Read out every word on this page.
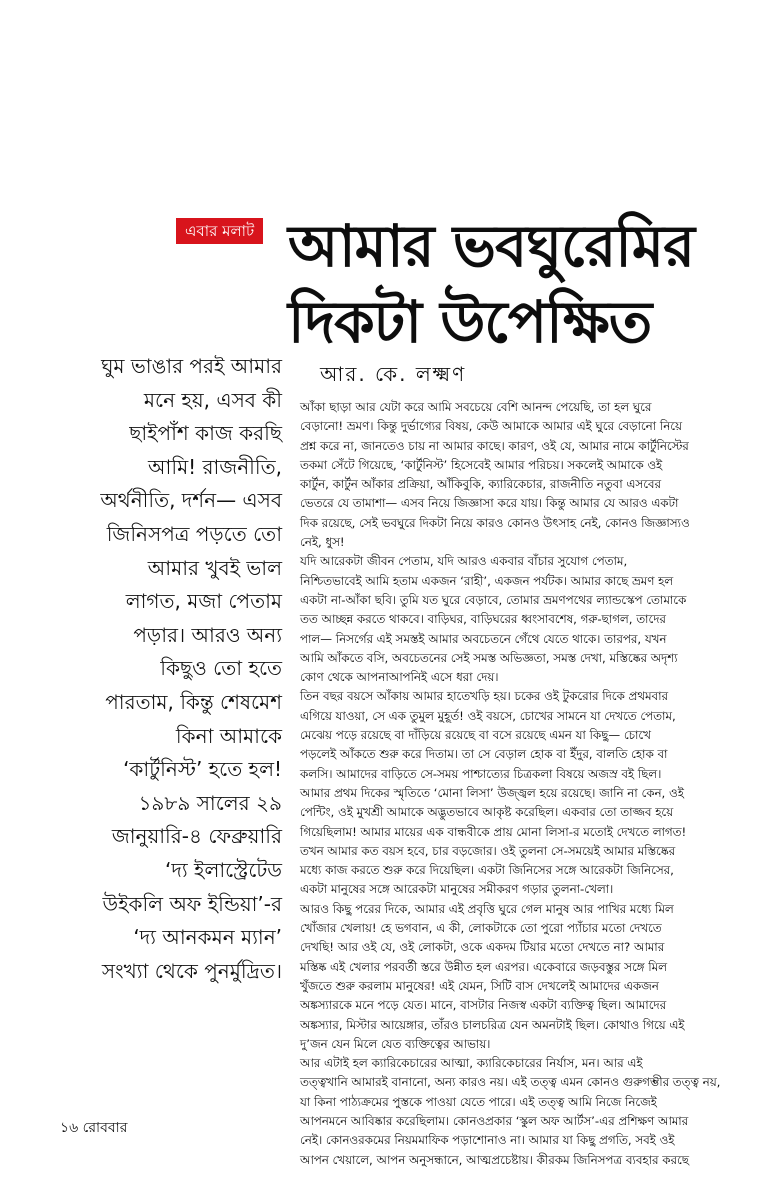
এবার মলাট আমার ভবঘুরেমির
দিকটা উপেক্ষিত
আর. কে. লক্ষ্মণ
ঘুম ভাঙার পরই আমার
মনে হয়, এসব কী
ছাইপাঁশ কাজ করছি
আমি! রাজনীতি,
অর্থনীতি, দর্শন— এসব
জিনিসপত্র পড়তে তো
আমার খুবই ভাল
লাগত, মজা পেতাম
পড়ার। আরও অন্য
কিছুও তো হতে
পারতাম, কিন্তু শেষমেশ
কিনা আমাকে
‘কার্টুনিস্ট’ হতে হল!
১৯৮৯ সালের ২৯
জানুয়ারি-৪ ফেব্রুয়ারি
‘দ্য ইলাস্ট্রেটেড
উইকলি অফ ইন্ডিয়া’-র
‘দ্য আনকমন ম্যান’
সংখ্যা থেকে পুনর্মুদ্রিত।
আঁকা ছাড়া আর যেটা করে আমি সবচেয়ে বেশি আনন্দ পেয়েছি, তা হল ঘুরে
বেড়ানো! ভ্রমণ। কিন্তু দুর্ভাগ্যের বিষয়, কেউ আমাকে আমার এই ঘুরে বেড়ানো নিয়ে
প্রশ্ন করে না, জানতেও চায় না আমার কাছে। কারণ, ওই যে, আমার নামে কার্টুনিস্টের
তকমা সেঁটে গিয়েছে, ‘কার্টুনিস্ট’ হিসেবেই আমার পরিচয়। সকলেই আমাকে ওই
কার্টুন, কার্টুন আঁকার প্রক্রিয়া, আঁকিবুকি, ক্যারিকেচার, রাজনীতি নতুবা এসবের
ভেতরে যে তামাশা— এসব নিয়ে জিজ্ঞাসা করে যায়। কিন্তু আমার যে আরও একটা
দিক রয়েছে, সেই ভবঘুরে দিকটা নিয়ে কারও কোনও উৎসাহ নেই, কোনও জিজ্ঞাস্যও
নেই, ধুস!
যদি আরেকটা জীবন পেতাম, যদি আরও একবার বাঁচার সুযোগ পেতাম,
নিশ্চিতভাবেই আমি হতাম একজন ‘রাহী’, একজন পর্যটক। আমার কাছে ভ্রমণ হল
একটা না-আঁকা ছবি। তুমি যত ঘুরে বেড়াবে, তোমার ভ্রমণপথের ল্যান্ডস্কেপ তোমাকে
তত আচ্ছন্ন করতে থাকবে। বাড়িঘর, বাড়িঘরের ধ্বংসাবশেষ, গরু-ছাগল, তাদের
পাল— নিসর্গের এই সমস্তই আমার অবচেতনে গেঁথে যেতে থাকে। তারপর, যখন
আমি আঁকতে বসি, অবচেতনের সেই সমস্ত অভিজ্ঞতা, সমস্ত দেখা, মস্তিষ্কের অদৃশ্য
কোণ থেকে আপনাআপনিই এসে ধরা দেয়।
তিন বছর বয়সে আঁকায় আমার হাতেখড়ি হয়। চকের ওই টুকরোর দিকে প্রথমবার
এগিয়ে যাওয়া, সে এক তুমুল মুহূর্ত! ওই বয়সে, চোখের সামনে যা দেখতে পেতাম,
মেঝেয় পড়ে রয়েছে বা দাঁড়িয়ে রয়েছে বা বসে রয়েছে এমন যা কিছু— চোখে
পড়লেই আঁকতে শুরু করে দিতাম। তা সে বেড়াল হোক বা ইঁদুর, বালতি হোক বা
কলসি। আমাদের বাড়িতে সে-সময় পাশ্চাত্যের চিত্রকলা বিষয়ে অজস্র বই ছিল।
আমার প্রথম দিকের স্মৃতিতে ‘মোনা লিসা’ উজ্জ্বল হয়ে রয়েছে। জানি না কেন, ওই
পেন্টিং, ওই মুখশ্রী আমাকে অদ্ভুতভাবে আকৃষ্ট করেছিল। একবার তো তাজ্জব হয়ে
গিয়েছিলাম! আমার মায়ের এক বান্ধবীকে প্রায় মোনা লিসা-র মতোই দেখতে লাগত!
তখন আমার কত বয়স হবে, চার বড়জোর। ওই তুলনা সে-সময়েই আমার মস্তিষ্কের
মধ্যে কাজ করতে শুরু করে দিয়েছিল। একটা জিনিসের সঙ্গে আরেকটা জিনিসের,
একটা মানুষের সঙ্গে আরেকটা মানুষের সমীকরণ গড়ার তুলনা-খেলা।
আরও কিছু পরের দিকে, আমার এই প্রবৃত্তি ঘুরে গেল মানুষ আর পাখির মধ্যে মিল
খোঁজার খেলায়! হে ভগবান, এ কী, লোকটাকে তো পুরো প্যাঁচার মতো দেখতে
দেখছি! আর ওই যে, ওই লোকটা, ওকে একদম টিয়ার মতো দেখতে না? আমার
মস্তিষ্ক এই খেলার পরবর্তী স্তরে উন্নীত হল এরপর। একেবারে জড়বস্তুর সঙ্গে মিল
খুঁজতে শুরু করলাম মানুষের! এই যেমন, সিটি বাস দেখলেই আমাদের একজন
অঙ্কস্যারকে মনে পড়ে যেত। মানে, বাসটার নিজস্ব একটা ব্যক্তিত্ব ছিল। আমাদের
অঙ্কস্যার, মিস্টার আয়েঙ্গার, তাঁরও চালচরিত্র যেন অমনটাই ছিল। কোথাও গিয়ে এই
দু’জন যেন মিলে যেত ব্যক্তিত্বের আভায়।
আর এটাই হল ক্যারিকেচারের আত্মা, ক্যারিকেচারের নির্যাস, মন। আর এই
তত্ত্বখানি আমারই বানানো, অন্য কারও নয়। এই তত্ত্ব এমন কোনও গুরুগম্ভীর তত্ত্ব নয়,
যা কিনা পাঠ্যক্রমের পুস্তকে পাওয়া যেতে পারে। এই তত্ত্ব আমি নিজে নিজেই
আপনমনে আবিষ্কার করেছিলাম। কোনওপ্রকার ‘স্কুল অফ আর্টস’-এর প্রশিক্ষণ আমার
নেই। কোনওরকমের নিয়মমাফিক পড়াশোনাও না। আমার যা কিছু প্রগতি, সবই ওই
আপন খেয়ালে, আপন অনুসন্ধানে, আত্মপ্রচেষ্টায়। কীরকম জিনিসপত্র ব্যবহার করছে
১৬ রোববার
